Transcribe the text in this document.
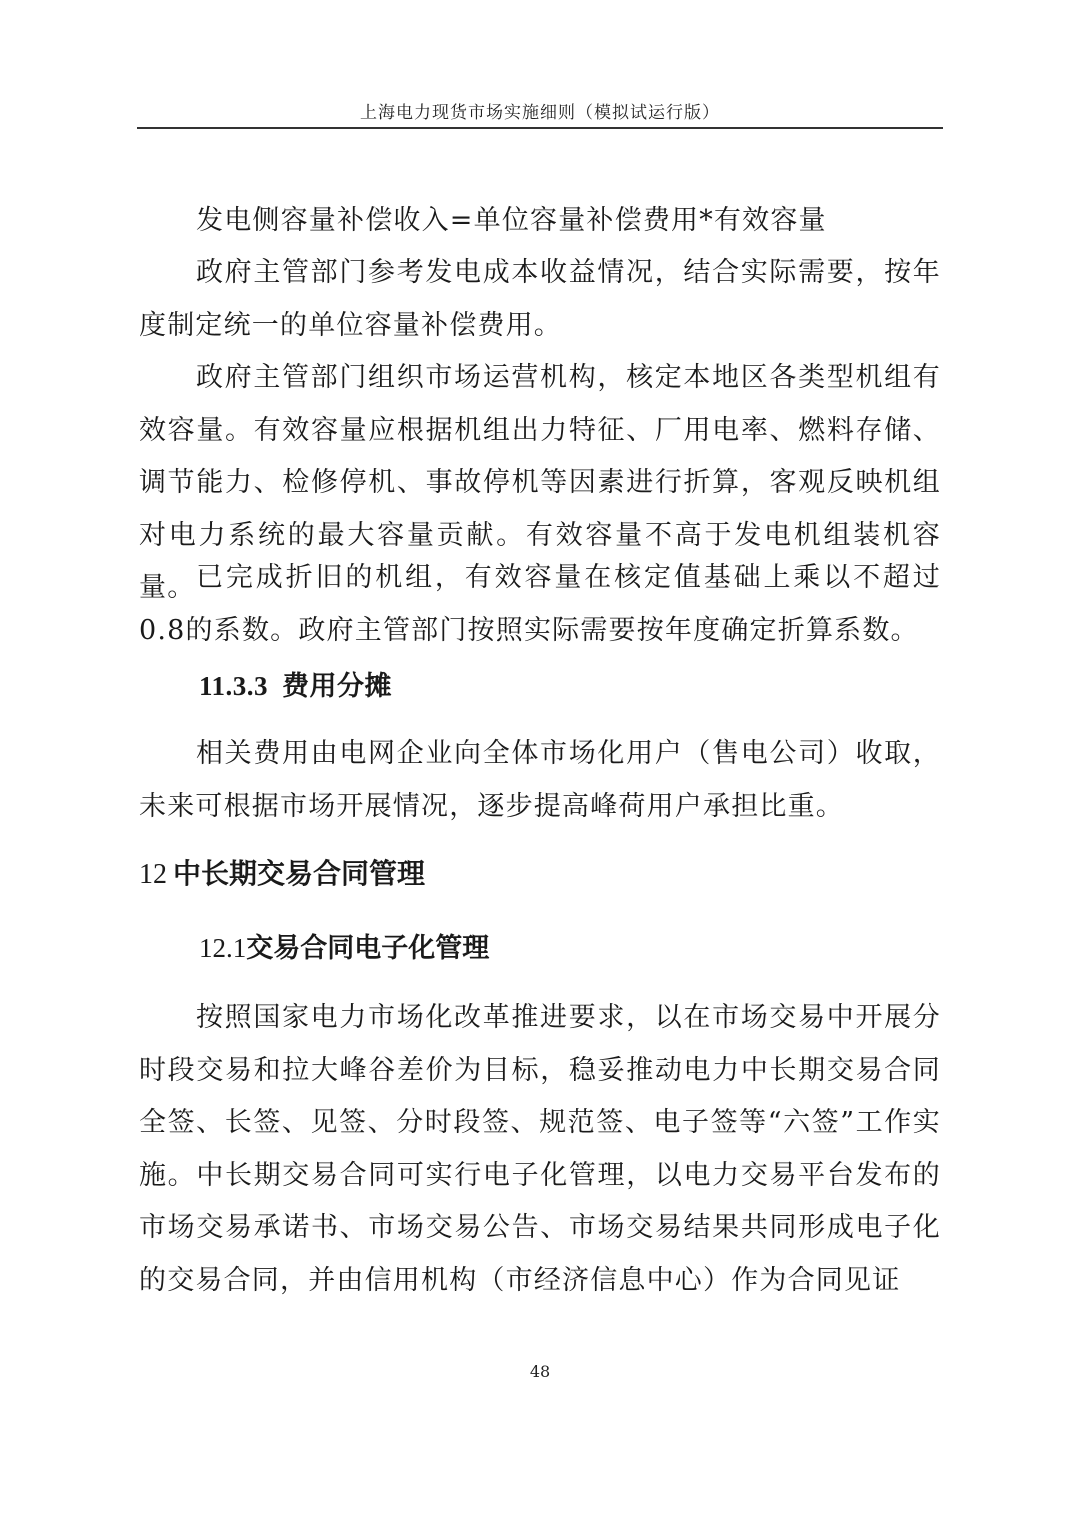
上海电力现货市场实施细则（模拟试运行版）

发电侧容量补偿收入=单位容量补偿费用*有效容量

政府主管部门参考发电成本收益情况，结合实际需要，按年度制定统一的单位容量补偿费用。

政府主管部门组织市场运营机构，核定本地区各类型机组有效容量。有效容量应根据机组出力特征、厂用电率、燃料存储、调节能力、检修停机、事故停机等因素进行折算，客观反映机组对电力系统的最大容量贡献。有效容量不高于发电机组装机容量。 已完成折旧的机组，有效容量在核定值基础上乘以不超过0.8的系数。政府主管部门按照实际需要按年度确定折算系数。

11.3.3 费用分摊

相关费用由电网企业向全体市场化用户（售电公司）收取，未来可根据市场开展情况，逐步提高峰荷用户承担比重。

12 中长期交易合同管理
12.1交易合同电子化管理

按照国家电力市场化改革推进要求，以在市场交易中开展分时段交易和拉大峰谷差价为目标，稳妥推动电力中长期交易合同全签、长签、见签、分时段签、规范签、电子签等“六签”工作实施。中长期交易合同可实行电子化管理，以电力交易平台发布的市场交易承诺书、市场交易公告、市场交易结果共同形成电子化的交易合同，并由信用机构（市经济信息中心）作为合同见证

48
